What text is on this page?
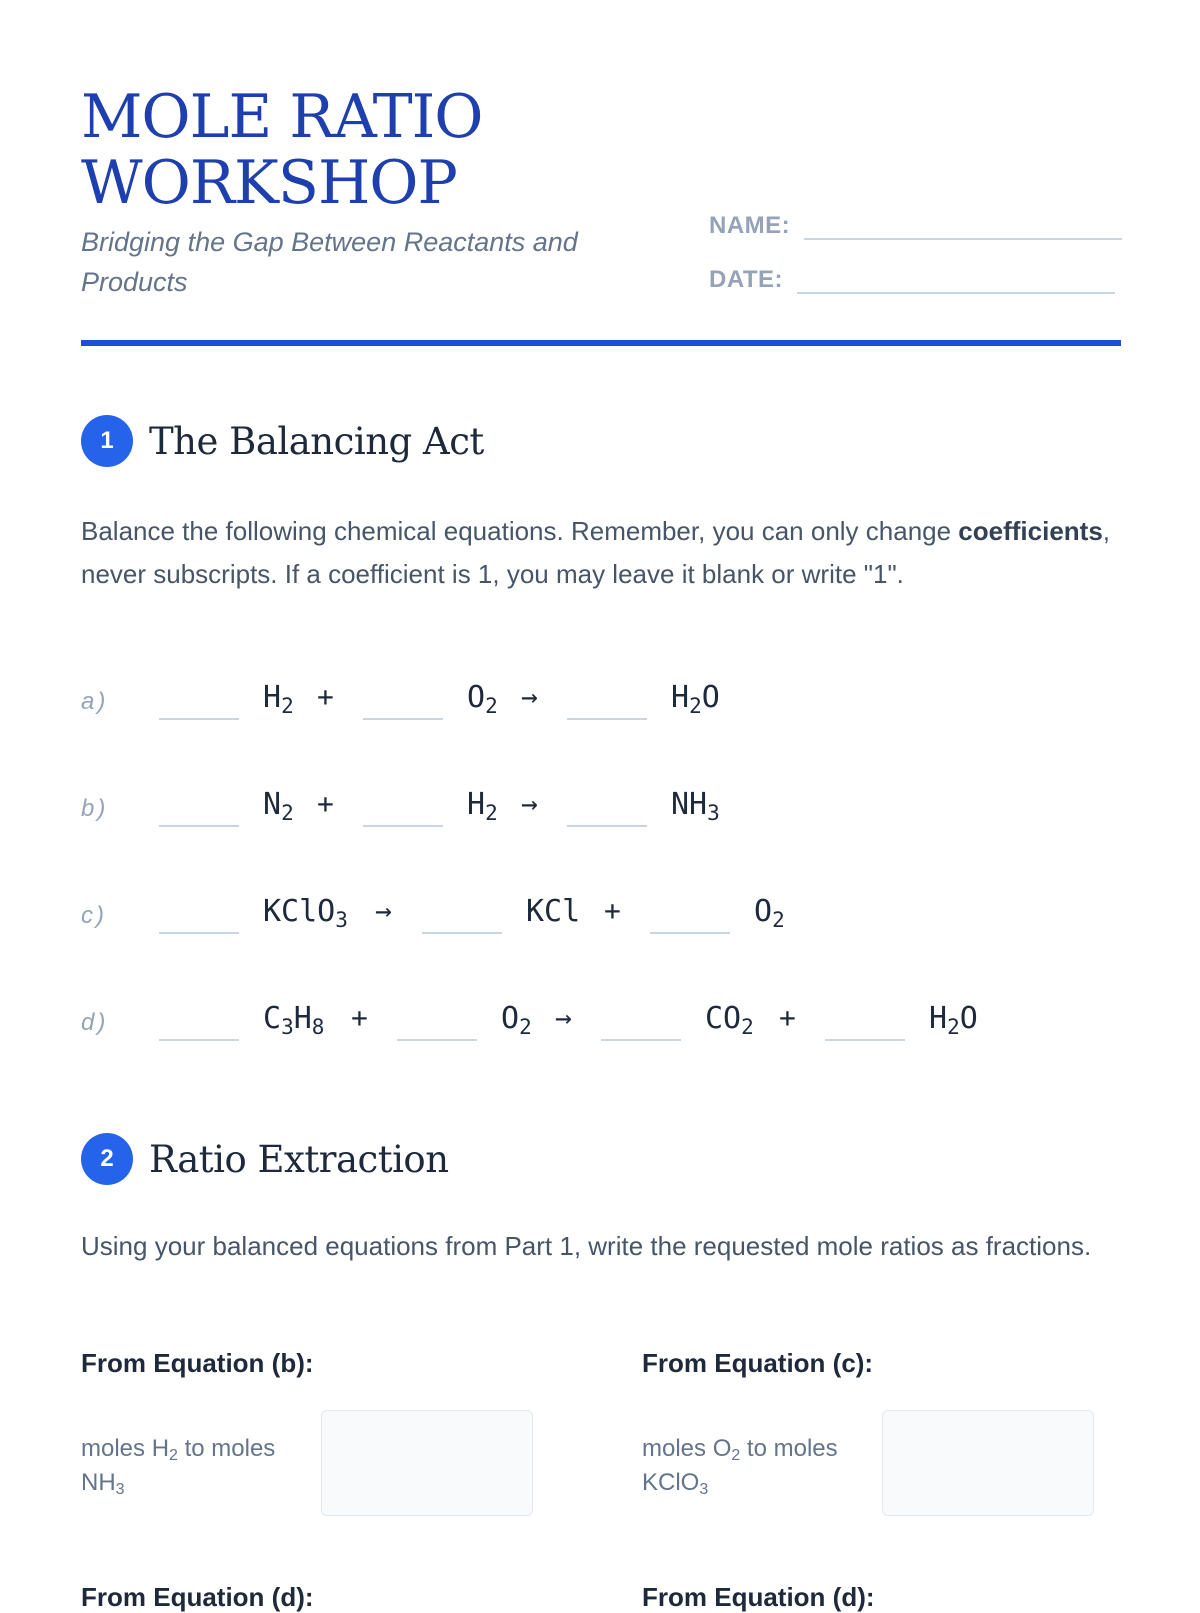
MOLE RATIO WORKSHOP
Bridging the Gap Between Reactants and Products
NAME:
DATE:
1 The Balancing Act
Balance the following chemical equations. Remember, you can only change coefficients, never subscripts. If a coefficient is 1, you may leave it blank or write "1".
a)	$H_2$ +	$O_2$ →	$H_2O$
b)	$N_2$ +	$H_2$ →	$NH_3$
c)	KClO$_3$ →	KCl +	$O_2$
d)	$C_3H_8$ +	$O_2$ →	$CO_2$ +	$H_2O$
2 Ratio Extraction
Using your balanced equations from Part 1, write the requested mole ratios as fractions.
From Equation (b):
moles $H_2$ to moles $NH_3$
From Equation (c):
moles $O_2$ to moles KClO$_3$
From Equation (d):	From Equation (d):
